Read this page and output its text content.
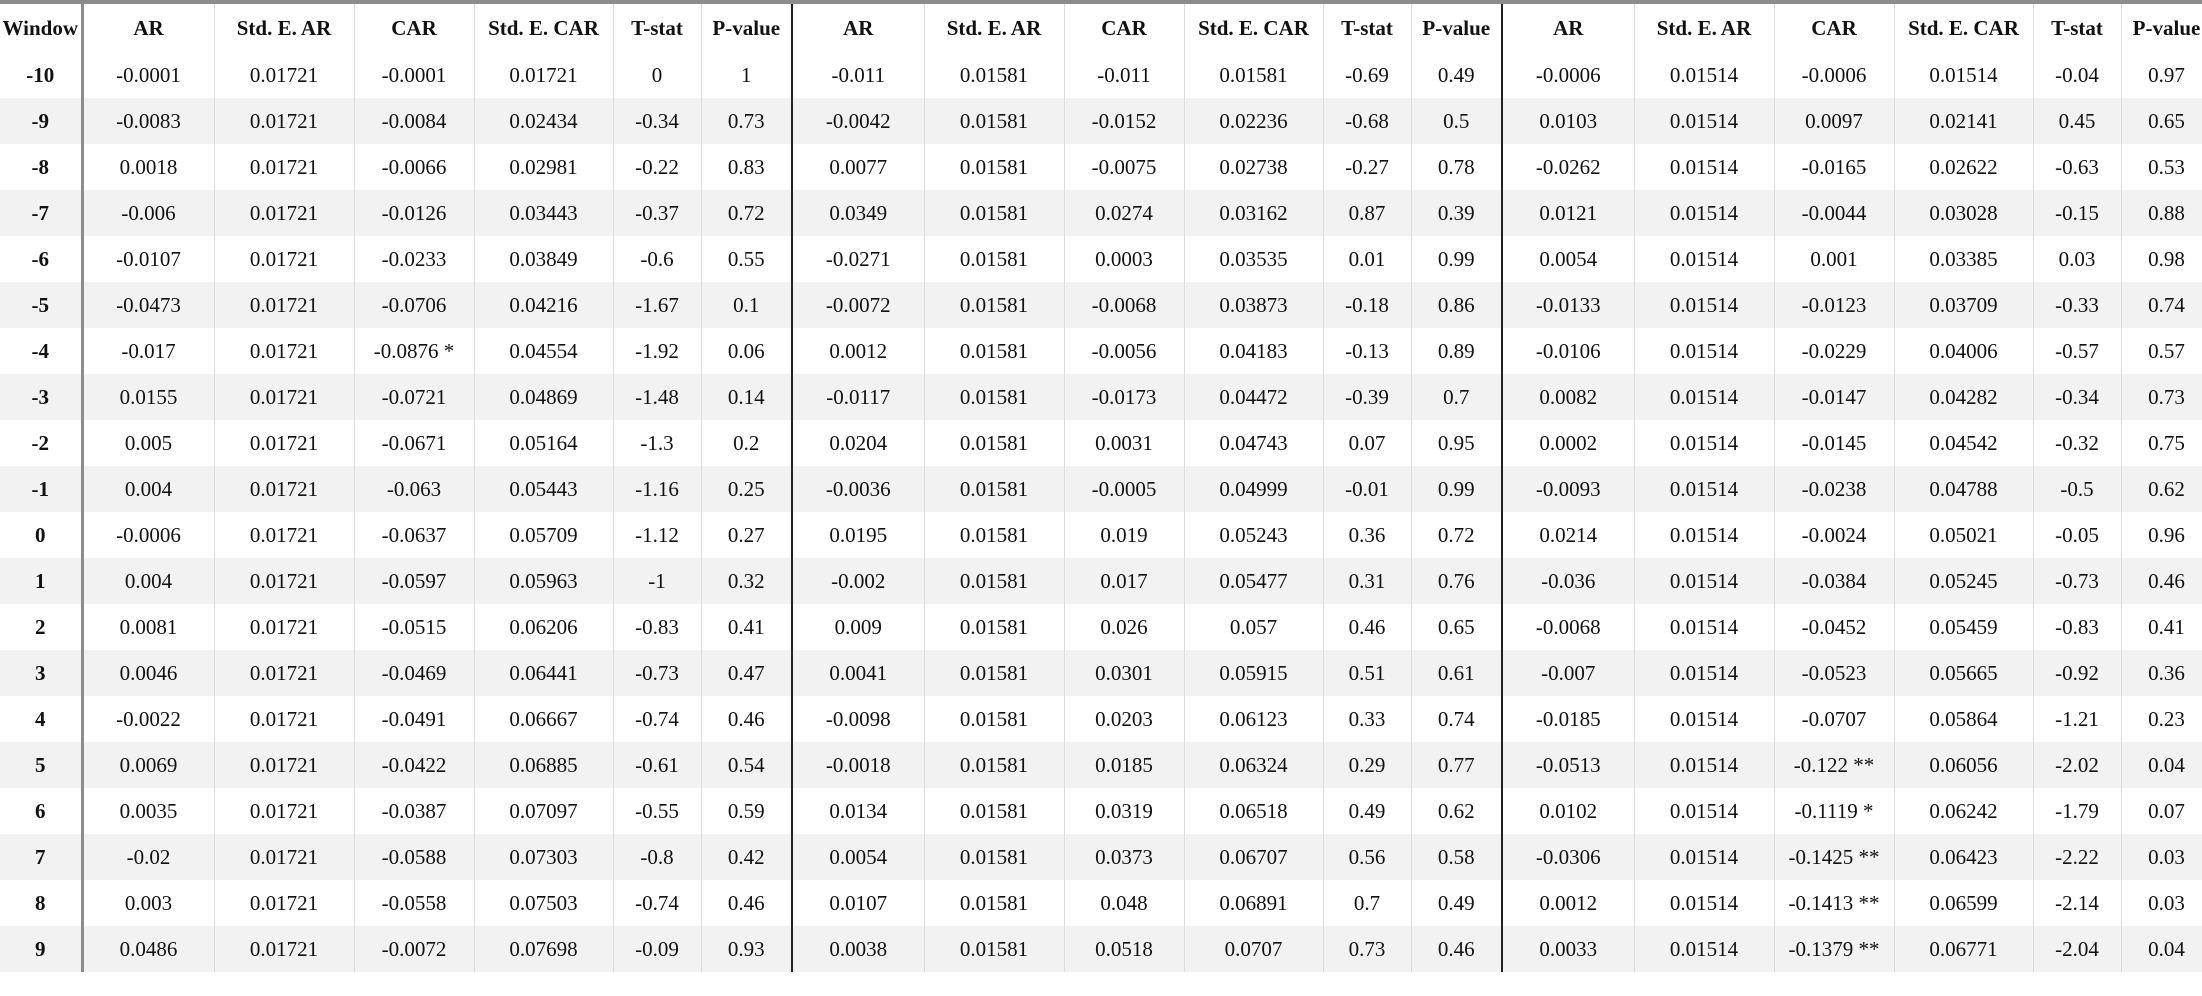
Window	AR	Std. E. AR	CAR	Std. E. CAR	T-stat	P-value	AR	Std. E. AR	CAR	Std. E. CAR	T-stat	P-value	AR	Std. E. AR	CAR	Std. E. CAR	T-stat	P-value
-10	-0.0001	0.01721	-0.0001	0.01721	0	1	-0.011	0.01581	-0.011	0.01581	-0.69	0.49	-0.0006	0.01514	-0.0006	0.01514	-0.04	0.97
-9	-0.0083	0.01721	-0.0084	0.02434	-0.34	0.73	-0.0042	0.01581	-0.0152	0.02236	-0.68	0.5	0.0103	0.01514	0.0097	0.02141	0.45	0.65
-8	0.0018	0.01721	-0.0066	0.02981	-0.22	0.83	0.0077	0.01581	-0.0075	0.02738	-0.27	0.78	-0.0262	0.01514	-0.0165	0.02622	-0.63	0.53
-7	-0.006	0.01721	-0.0126	0.03443	-0.37	0.72	0.0349	0.01581	0.0274	0.03162	0.87	0.39	0.0121	0.01514	-0.0044	0.03028	-0.15	0.88
-6	-0.0107	0.01721	-0.0233	0.03849	-0.6	0.55	-0.0271	0.01581	0.0003	0.03535	0.01	0.99	0.0054	0.01514	0.001	0.03385	0.03	0.98
-5	-0.0473	0.01721	-0.0706	0.04216	-1.67	0.1	-0.0072	0.01581	-0.0068	0.03873	-0.18	0.86	-0.0133	0.01514	-0.0123	0.03709	-0.33	0.74
-4	-0.017	0.01721	-0.0876 *	0.04554	-1.92	0.06	0.0012	0.01581	-0.0056	0.04183	-0.13	0.89	-0.0106	0.01514	-0.0229	0.04006	-0.57	0.57
-3	0.0155	0.01721	-0.0721	0.04869	-1.48	0.14	-0.0117	0.01581	-0.0173	0.04472	-0.39	0.7	0.0082	0.01514	-0.0147	0.04282	-0.34	0.73
-2	0.005	0.01721	-0.0671	0.05164	-1.3	0.2	0.0204	0.01581	0.0031	0.04743	0.07	0.95	0.0002	0.01514	-0.0145	0.04542	-0.32	0.75
-1	0.004	0.01721	-0.063	0.05443	-1.16	0.25	-0.0036	0.01581	-0.0005	0.04999	-0.01	0.99	-0.0093	0.01514	-0.0238	0.04788	-0.5	0.62
0	-0.0006	0.01721	-0.0637	0.05709	-1.12	0.27	0.0195	0.01581	0.019	0.05243	0.36	0.72	0.0214	0.01514	-0.0024	0.05021	-0.05	0.96
1	0.004	0.01721	-0.0597	0.05963	-1	0.32	-0.002	0.01581	0.017	0.05477	0.31	0.76	-0.036	0.01514	-0.0384	0.05245	-0.73	0.46
2	0.0081	0.01721	-0.0515	0.06206	-0.83	0.41	0.009	0.01581	0.026	0.057	0.46	0.65	-0.0068	0.01514	-0.0452	0.05459	-0.83	0.41
3	0.0046	0.01721	-0.0469	0.06441	-0.73	0.47	0.0041	0.01581	0.0301	0.05915	0.51	0.61	-0.007	0.01514	-0.0523	0.05665	-0.92	0.36
4	-0.0022	0.01721	-0.0491	0.06667	-0.74	0.46	-0.0098	0.01581	0.0203	0.06123	0.33	0.74	-0.0185	0.01514	-0.0707	0.05864	-1.21	0.23
5	0.0069	0.01721	-0.0422	0.06885	-0.61	0.54	-0.0018	0.01581	0.0185	0.06324	0.29	0.77	-0.0513	0.01514	-0.122 **	0.06056	-2.02	0.04
6	0.0035	0.01721	-0.0387	0.07097	-0.55	0.59	0.0134	0.01581	0.0319	0.06518	0.49	0.62	0.0102	0.01514	-0.1119 *	0.06242	-1.79	0.07
7	-0.02	0.01721	-0.0588	0.07303	-0.8	0.42	0.0054	0.01581	0.0373	0.06707	0.56	0.58	-0.0306	0.01514	-0.1425 **	0.06423	-2.22	0.03
8	0.003	0.01721	-0.0558	0.07503	-0.74	0.46	0.0107	0.01581	0.048	0.06891	0.7	0.49	0.0012	0.01514	-0.1413 **	0.06599	-2.14	0.03
9	0.0486	0.01721	-0.0072	0.07698	-0.09	0.93	0.0038	0.01581	0.0518	0.0707	0.73	0.46	0.0033	0.01514	-0.1379 **	0.06771	-2.04	0.04
